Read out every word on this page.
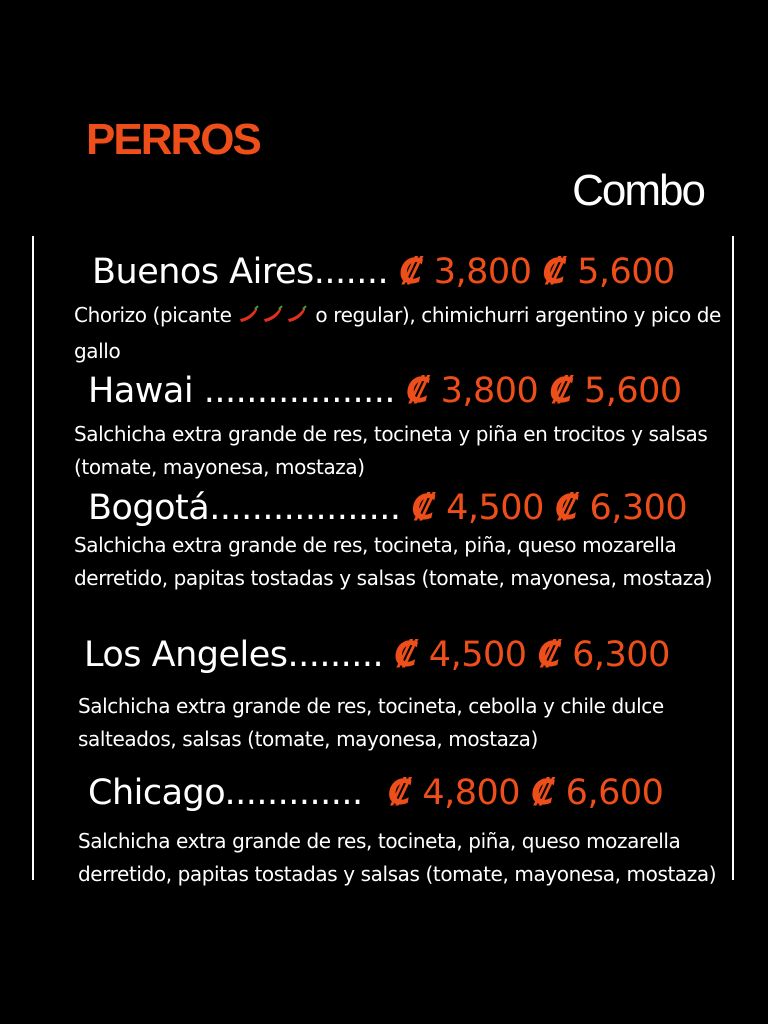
PERROS
Combo
Buenos Aires....... ₡ 3,800 ₡ 5,600

Chorizo (picante	o regular), chimichurri argentino y pico de gallo

Hawai .................. ₡ 3,800 ₡ 5,600

Salchicha extra grande de res, tocineta y piña en trocitos y salsas (tomate, mayonesa, mostaza)

Bogotá.................. ₡ 4,500 ₡ 6,300

Salchicha extra grande de res, tocineta, piña, queso mozarella derretido, papitas tostadas y salsas (tomate, mayonesa, mostaza)

Los Angeles......... ₡ 4,500 ₡ 6,300

Salchicha extra grande de res, tocineta, cebolla y chile dulce salteados, salsas (tomate, mayonesa, mostaza)

Chicago............. ₡ 4,800 ₡ 6,600

Salchicha extra grande de res, tocineta, piña, queso mozarella derretido, papitas tostadas y salsas (tomate, mayonesa, mostaza)
